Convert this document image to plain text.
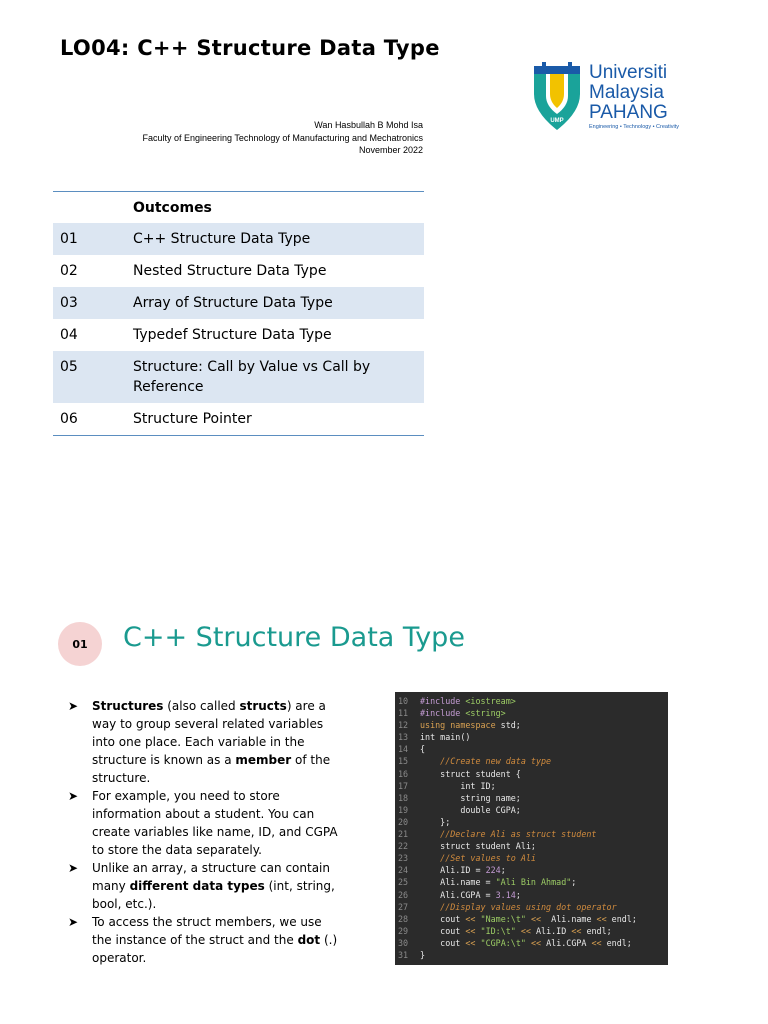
LO04: C++ Structure Data Type
Wan Hasbullah B Mohd Isa
Faculty of Engineering Technology of Manufacturing and Mechatronics
November 2022
UMP
Universiti
Malaysia
PAHANG
Engineering • Technology • Creativity
	Outcomes
01	C++ Structure Data Type
02	Nested Structure Data Type
03	Array of Structure Data Type
04	Typedef Structure Data Type
05	Structure: Call by Value vs Call by Reference
06	Structure Pointer
01	C++ Structure Data Type
➤ Structures (also called structs) are a way to group several related variables into one place. Each variable in the structure is known as a member of the structure.
➤ For example, you need to store information about a student. You can create variables like name, ID, and CGPA to store the data separately.
➤ Unlike an array, a structure can contain many different data types (int, string, bool, etc.).
➤ To access the struct members, we use the instance of the struct and the dot (.) operator.
10	#include <iostream>
11	#include <string>
12	using namespace std;
13	int main()
14	{
15	//Create new data type
16	struct student {
17	int ID;
18	string name;
19	double CGPA;
20	};
21	//Declare Ali as struct student
22	struct student Ali;
23	//Set values to Ali
24	Ali.ID = 224;
25	Ali.name = "Ali Bin Ahmad";
26	Ali.CGPA = 3.14;
27	//Display values using dot operator
28	cout << "Name:\t" <<  Ali.name << endl;
29	cout << "ID:\t" << Ali.ID << endl;
30	cout << "CGPA:\t" << Ali.CGPA << endl;
31	}
